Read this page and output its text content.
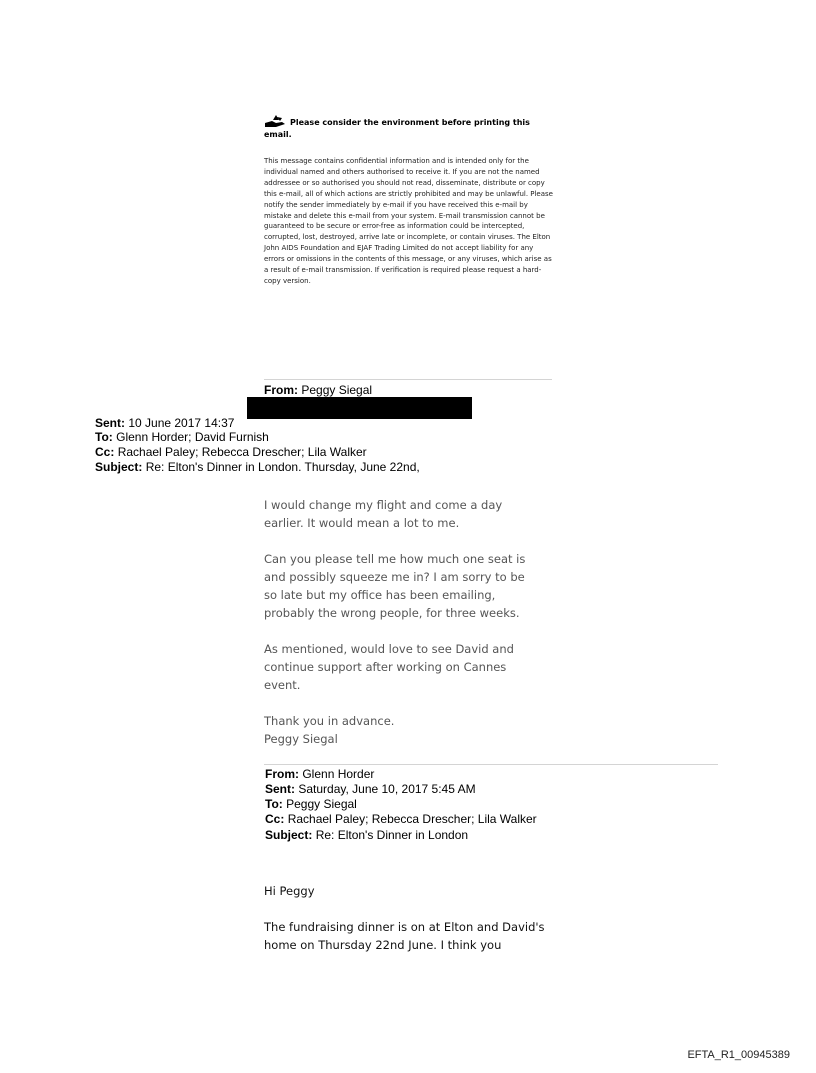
Please consider the environment before printing this email.
This message contains confidential information and is intended only for the individual named and others authorised to receive it. If you are not the named addressee or so authorised you should not read, disseminate, distribute or copy this e-mail, all of which actions are strictly prohibited and may be unlawful. Please notify the sender immediately by e-mail if you have received this e-mail by mistake and delete this e-mail from your system. E-mail transmission cannot be guaranteed to be secure or error-free as information could be intercepted, corrupted, lost, destroyed, arrive late or incomplete, or contain viruses. The Elton John AIDS Foundation and EJAF Trading Limited do not accept liability for any errors or omissions in the contents of this message, or any viruses, which arise as a result of e-mail transmission. If verification is required please request a hard-copy version.
From: Peggy Siegal
Sent: 10 June 2017 14:37
To: Glenn Horder; David Furnish
Cc: Rachael Paley; Rebecca Drescher; Lila Walker
Subject: Re: Elton's Dinner in London. Thursday, June 22nd,

I would change my flight and come a day
earlier. It would mean a lot to me.

Can you please tell me how much one seat is
and possibly squeeze me in? I am sorry to be
so late but my office has been emailing,
probably the wrong people, for three weeks.

As mentioned, would love to see David and
continue support after working on Cannes
event.

Thank you in advance.
Peggy Siegal

From: Glenn Horder
Sent: Saturday, June 10, 2017 5:45 AM
To: Peggy Siegal
Cc: Rachael Paley; Rebecca Drescher; Lila Walker
Subject: Re: Elton's Dinner in London

Hi Peggy

The fundraising dinner is on at Elton and David's
home on Thursday 22nd June. I think you

EFTA_R1_00945389
